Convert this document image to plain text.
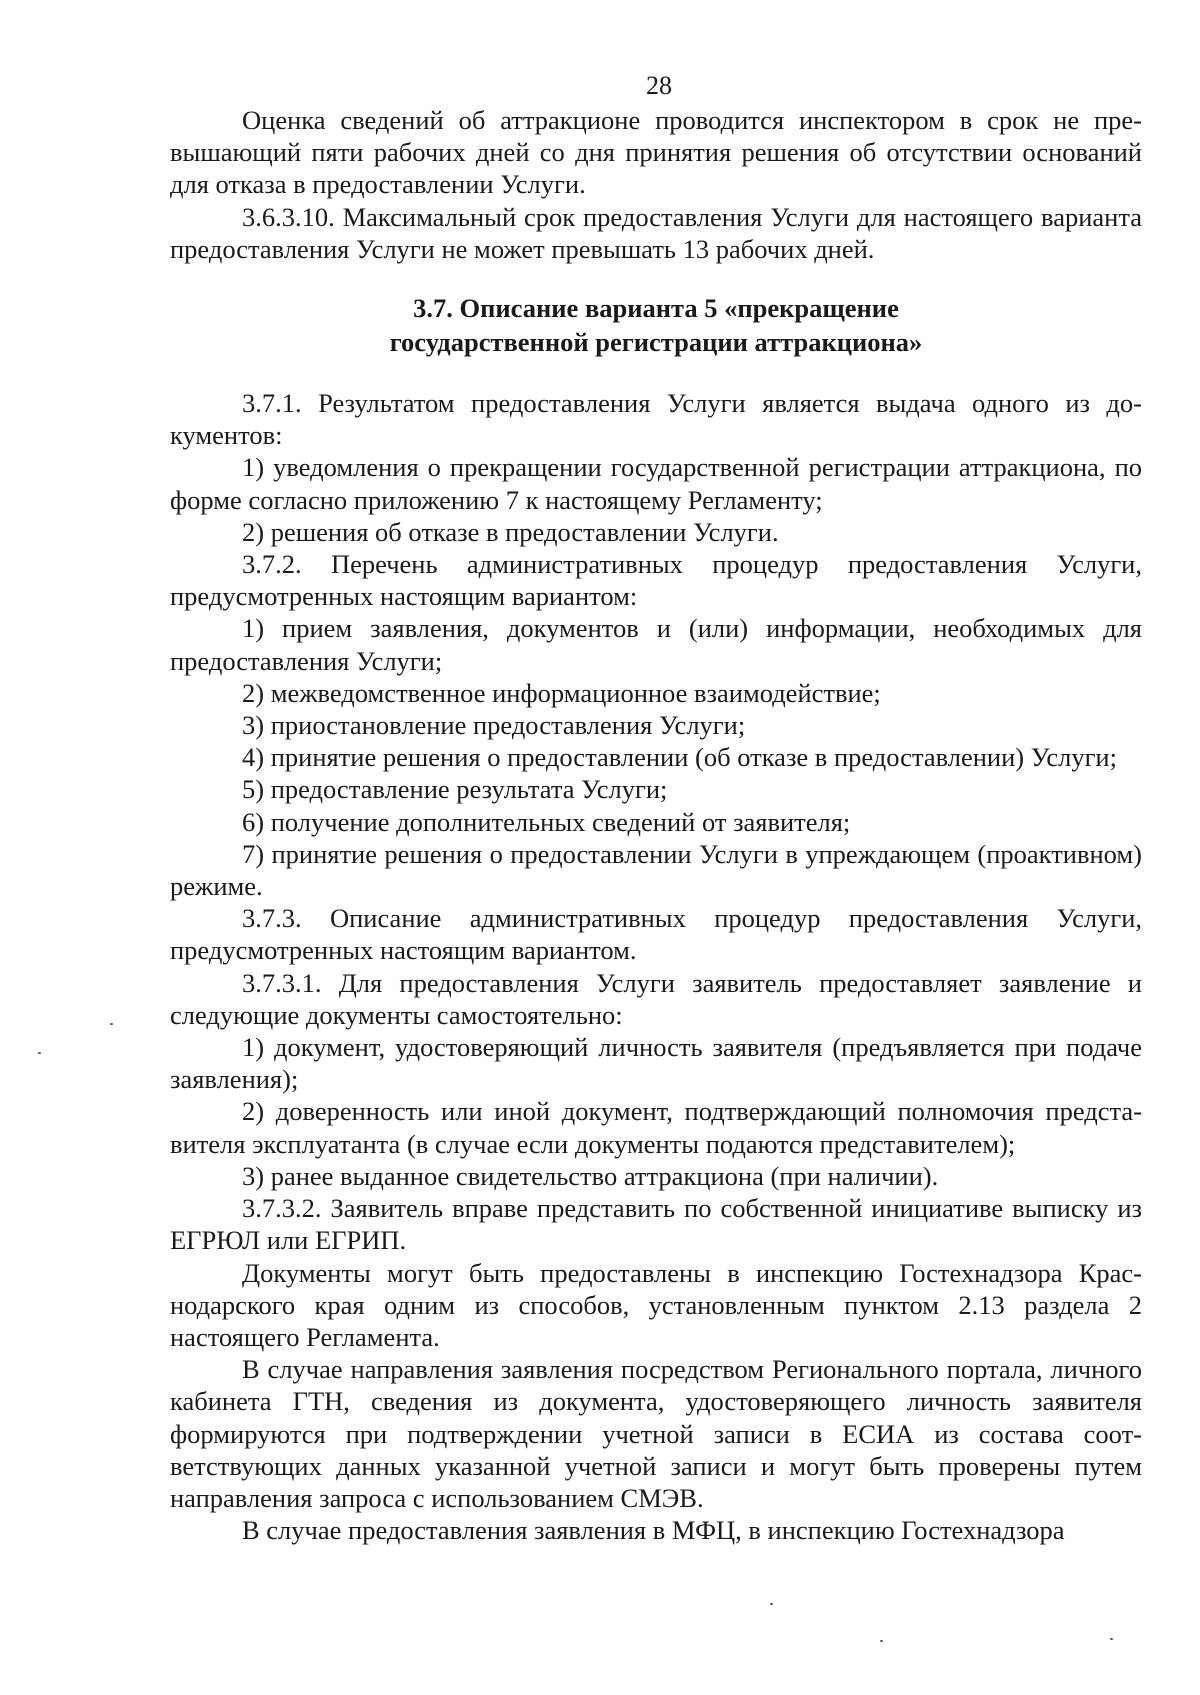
28

Оценка сведений об аттракционе проводится инспектором в срок не превышающий пяти рабочих дней со дня принятия решения об отсутствии оснований для отказа в предоставлении Услуги.

3.6.3.10. Максимальный срок предоставления Услуги для настоящего варианта предоставления Услуги не может превышать 13 рабочих дней.

3.7. Описание варианта 5 «прекращение
государственной регистрации аттракциона»

3.7.1. Результатом предоставления Услуги является выдача одного из документов:

1) уведомления о прекращении государственной регистрации аттракциона, по форме согласно приложению 7 к настоящему Регламенту;

2) решения об отказе в предоставлении Услуги.

3.7.2. Перечень административных процедур предоставления Услуги, предусмотренных настоящим вариантом:

1) прием заявления, документов и (или) информации, необходимых для предоставления Услуги;

2) межведомственное информационное взаимодействие;

3) приостановление предоставления Услуги;

4) принятие решения о предоставлении (об отказе в предоставлении) Услуги;

5) предоставление результата Услуги;

6) получение дополнительных сведений от заявителя;

7) принятие решения о предоставлении Услуги в упреждающем (проактивном) режиме.

3.7.3. Описание административных процедур предоставления Услуги, предусмотренных настоящим вариантом.

3.7.3.1. Для предоставления Услуги заявитель предоставляет заявление и следующие документы самостоятельно:

1) документ, удостоверяющий личность заявителя (предъявляется при подаче заявления);

2) доверенность или иной документ, подтверждающий полномочия представителя эксплуатанта (в случае если документы подаются представителем);

3) ранее выданное свидетельство аттракциона (при наличии).

3.7.3.2. Заявитель вправе представить по собственной инициативе выписку из ЕГРЮЛ или ЕГРИП.

Документы могут быть предоставлены в инспекцию Гостехнадзора Краснодарского края одним из способов, установленным пунктом 2.13 раздела 2 настоящего Регламента.

В случае направления заявления посредством Регионального портала, личного кабинета ГТН, сведения из документа, удостоверяющего личность заявителя формируются при подтверждении учетной записи в ЕСИА из состава соответствующих данных указанной учетной записи и могут быть проверены путем направления запроса с использованием СМЭВ.

В случае предоставления заявления в МФЦ, в инспекцию Гостехнадзора
